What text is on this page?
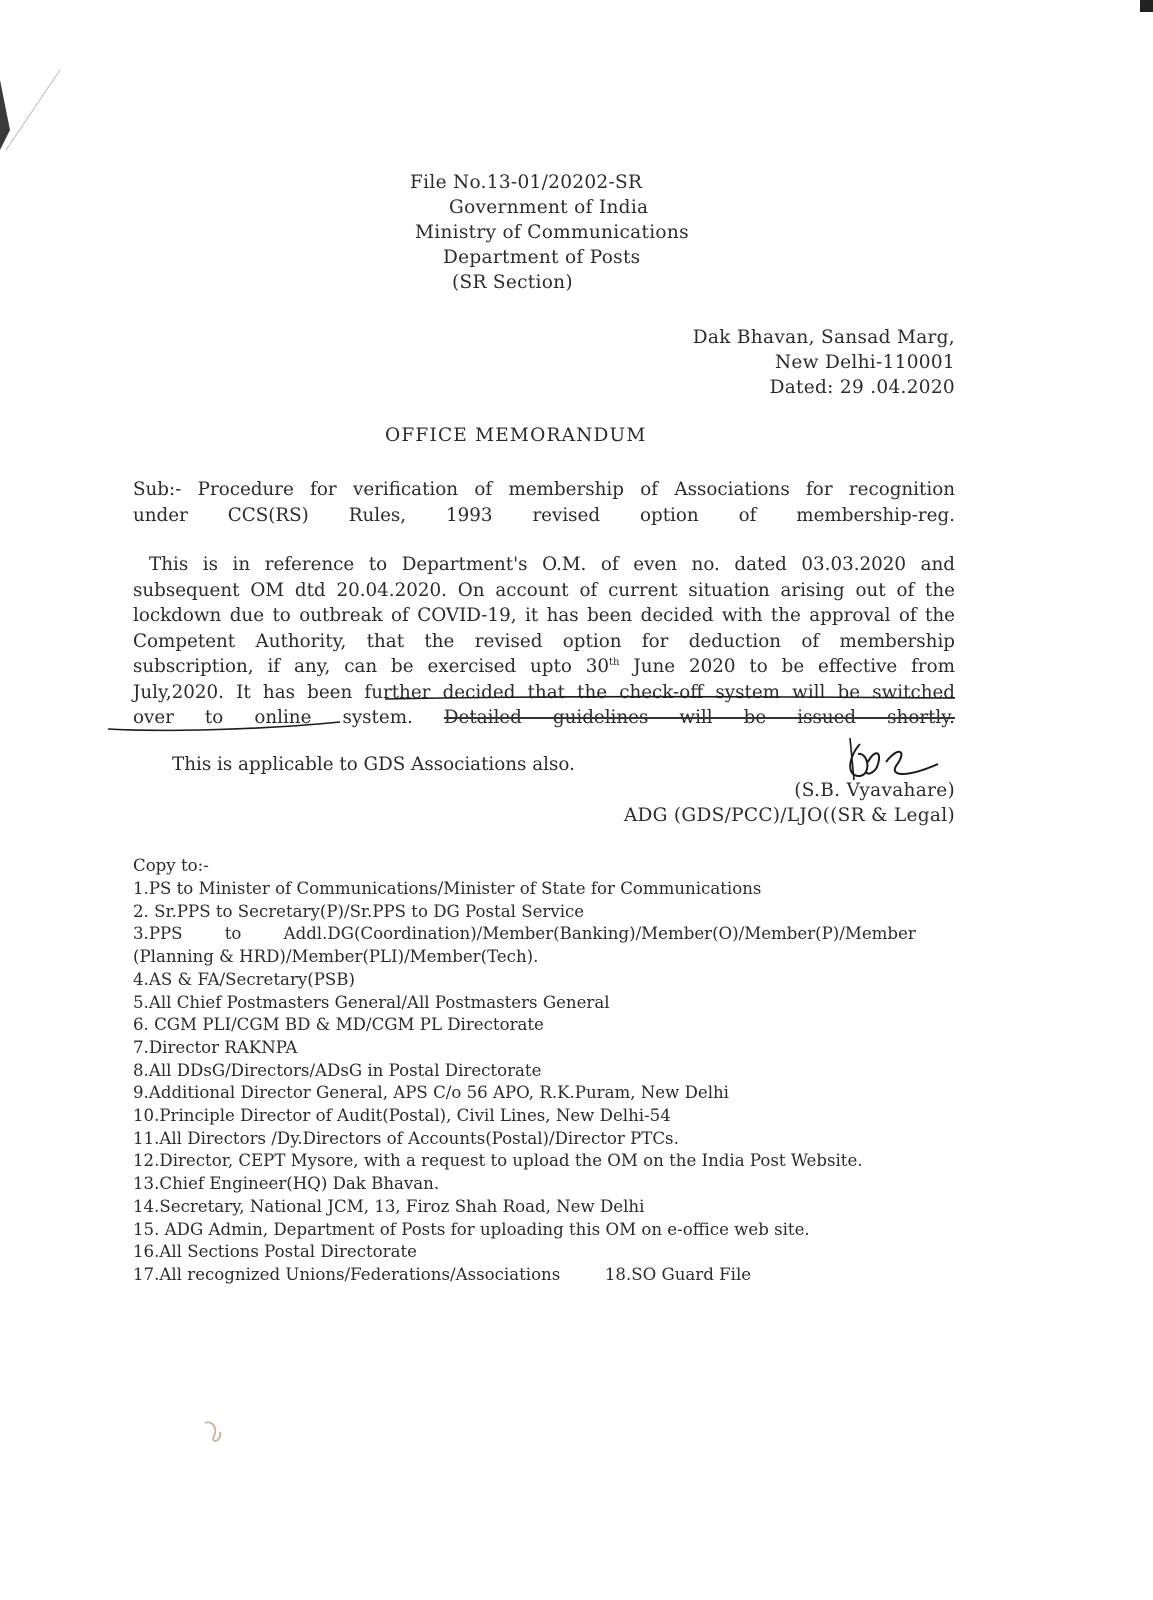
File No.13-01/20202-SR
Government of India
Ministry of Communications
Department of Posts
(SR Section)
Dak Bhavan, Sansad Marg,
New Delhi-110001
Dated: 29 .04.2020
OFFICE MEMORANDUM
Sub:- Procedure for verification of membership of Associations for recognition
under CCS(RS) Rules, 1993 revised option of membership-reg.
This is in reference to Department's O.M. of even no. dated 03.03.2020 and
subsequent OM dtd 20.04.2020. On account of current situation arising out of the
lockdown due to outbreak of COVID-19, it has been decided with the approval of the
Competent Authority, that the revised option for deduction of membership
subscription, if any, can be exercised upto 30th June 2020 to be effective from
July,2020. It has been further decided that the check-off system will be switched
over to online system. Detailed guidelines will be issued shortly.
This is applicable to GDS Associations also.
(S.B. Vyavahare)
ADG (GDS/PCC)/LJO((SR & Legal)
Copy to:-
1.PS to Minister of Communications/Minister of State for Communications
2. Sr.PPS to Secretary(P)/Sr.PPS to DG Postal Service
3.PPS        to        Addl.DG(Coordination)/Member(Banking)/Member(O)/Member(P)/Member
(Planning & HRD)/Member(PLI)/Member(Tech).
4.AS & FA/Secretary(PSB)
5.All Chief Postmasters General/All Postmasters General
6. CGM PLI/CGM BD & MD/CGM PL Directorate
7.Director RAKNPA
8.All DDsG/Directors/ADsG in Postal Directorate
9.Additional Director General, APS C/o 56 APO, R.K.Puram, New Delhi
10.Principle Director of Audit(Postal), Civil Lines, New Delhi-54
11.All Directors /Dy.Directors of Accounts(Postal)/Director PTCs.
12.Director, CEPT Mysore, with a request to upload the OM on the India Post Website.
13.Chief Engineer(HQ) Dak Bhavan.
14.Secretary, National JCM, 13, Firoz Shah Road, New Delhi
15. ADG Admin, Department of Posts for uploading this OM on e-office web site.
16.All Sections Postal Directorate
17.All recognized Unions/Federations/Associations	18.SO Guard File
